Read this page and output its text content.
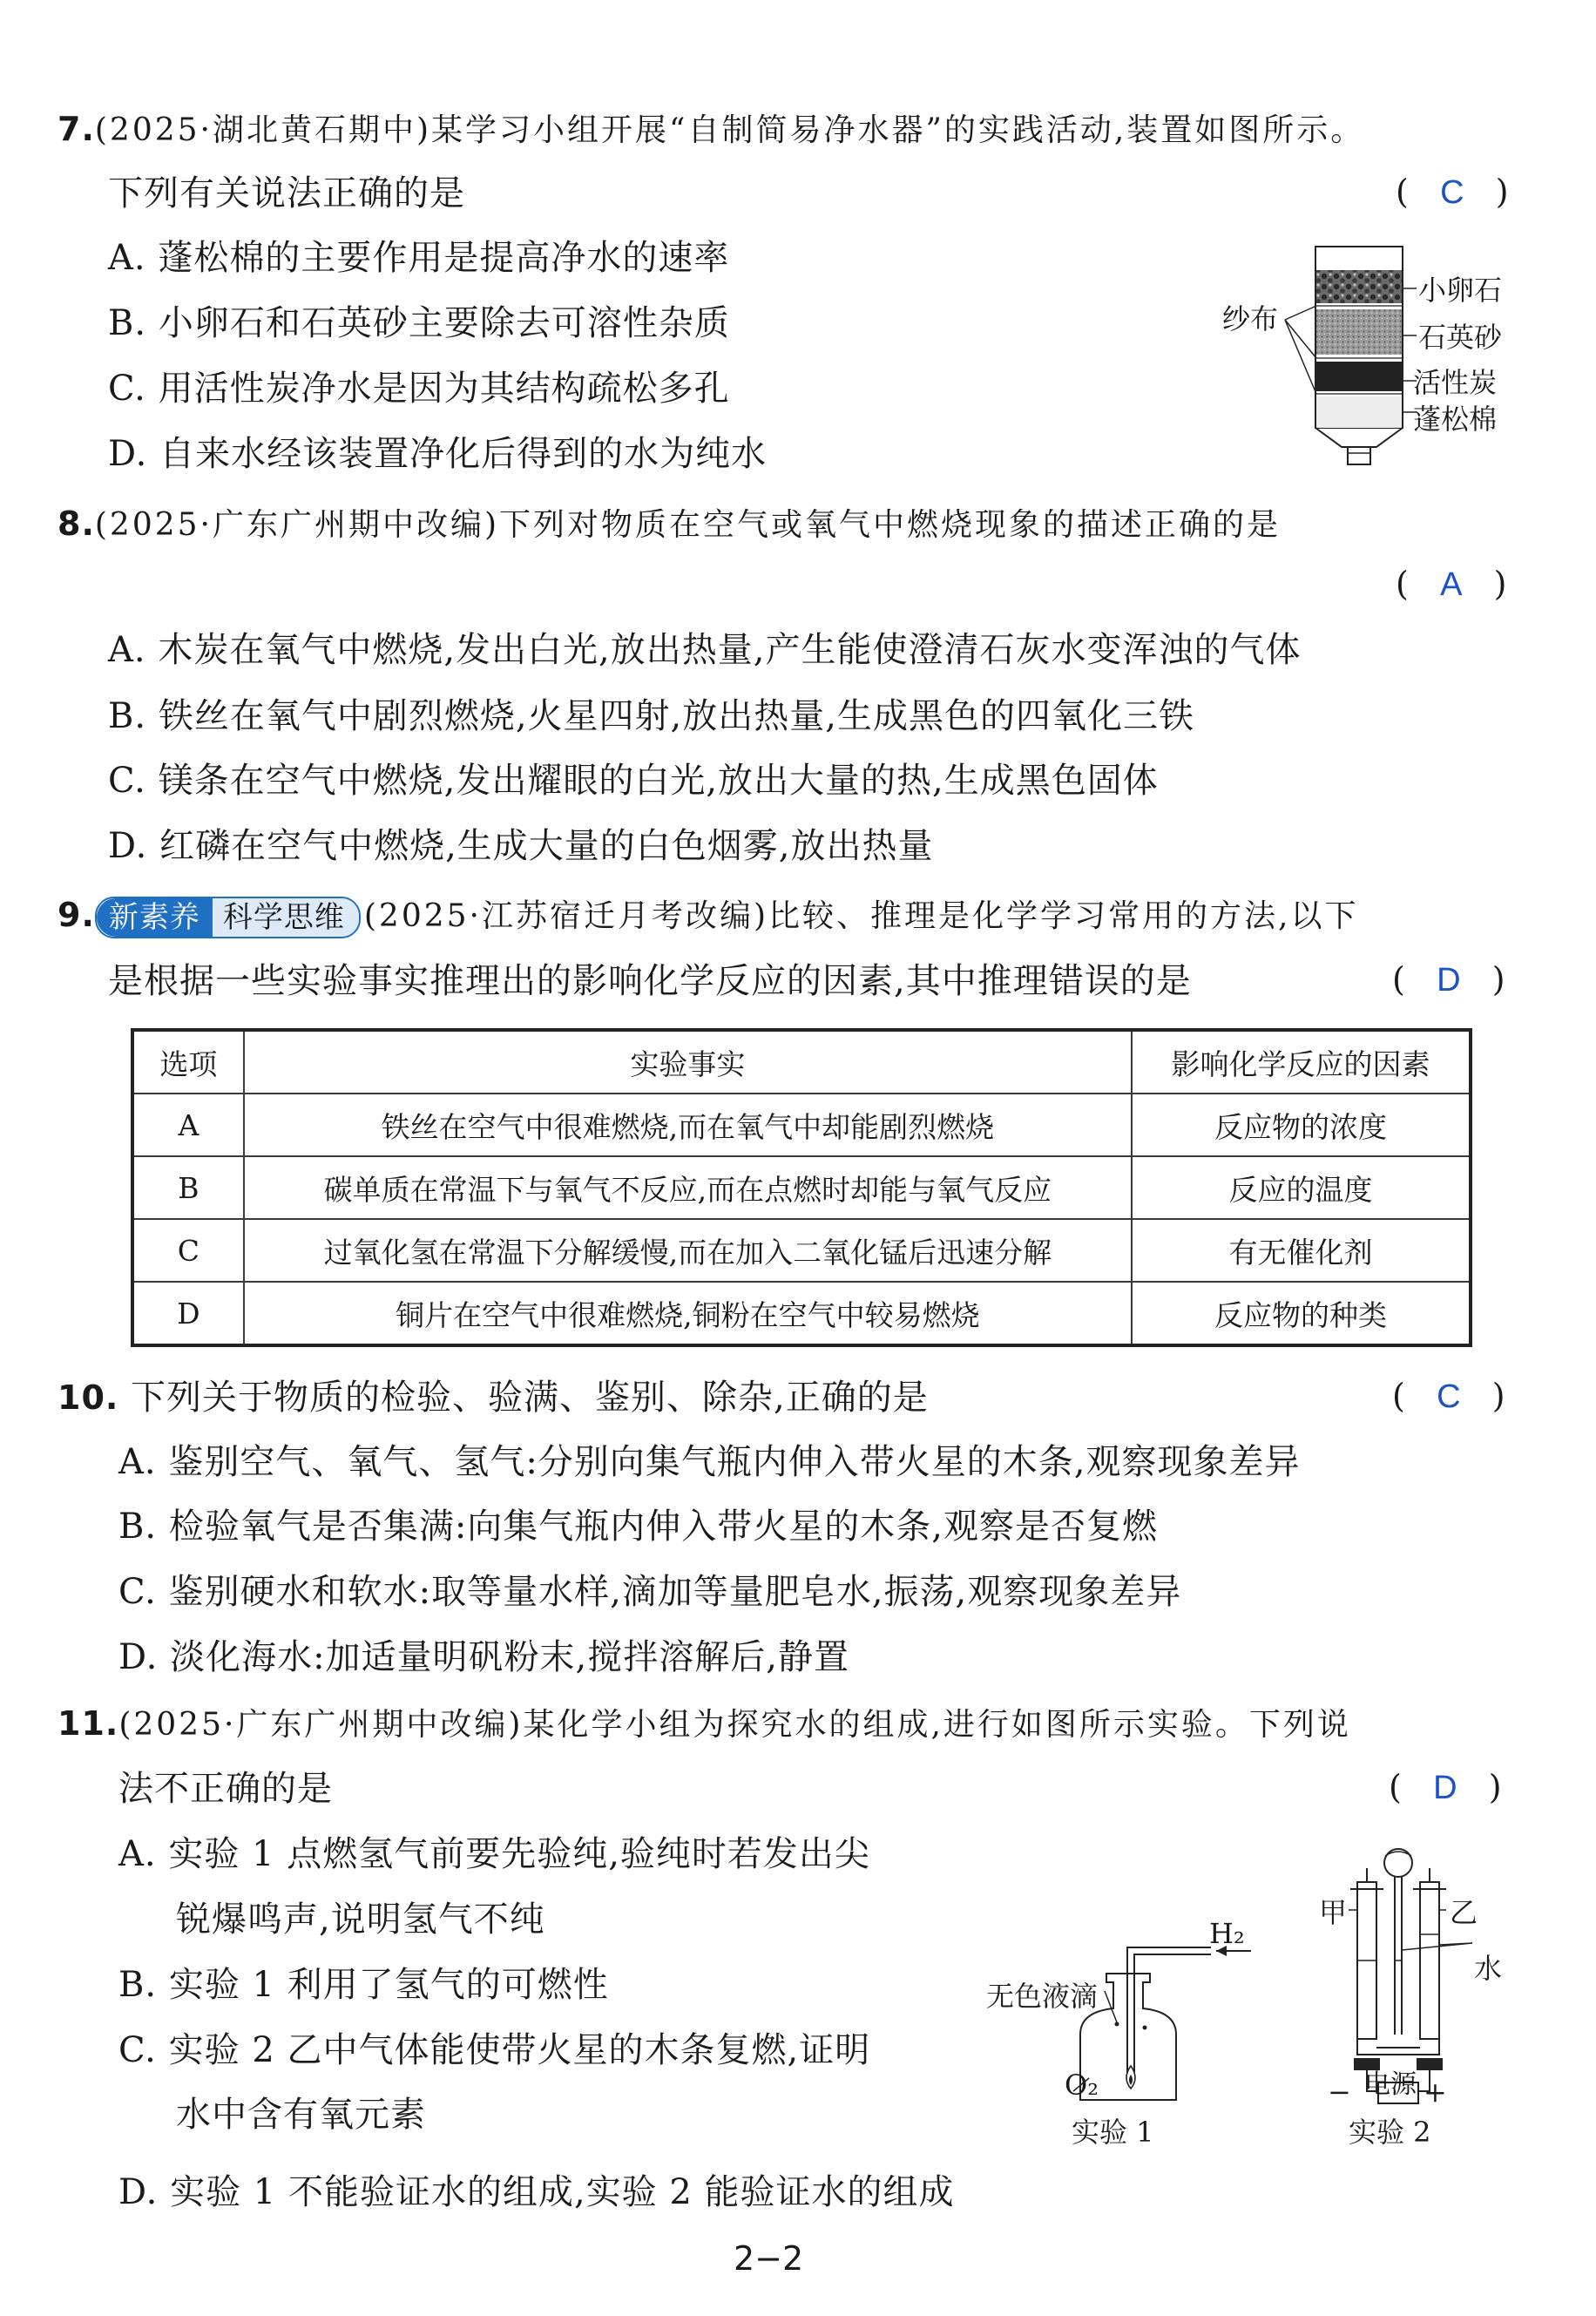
7.(2025·湖北黄石期中)某学习小组开展“自制简易净水器”的实践活动,装置如图所示。
下列有关说法正确的是	(   C   )
A. 蓬松棉的主要作用是提高净水的速率
B. 小卵石和石英砂主要除去可溶性杂质
C. 用活性炭净水是因为其结构疏松多孔
D. 自来水经该装置净化后得到的水为纯水
纱布
小卵石
石英砂
活性炭
蓬松棉
8.(2025·广东广州期中改编)下列对物质在空气或氧气中燃烧现象的描述正确的是
(   A   )
A. 木炭在氧气中燃烧,发出白光,放出热量,产生能使澄清石灰水变浑浊的气体
B. 铁丝在氧气中剧烈燃烧,火星四射,放出热量,生成黑色的四氧化三铁
C. 镁条在空气中燃烧,发出耀眼的白光,放出大量的热,生成黑色固体
D. 红磷在空气中燃烧,生成大量的白色烟雾,放出热量
9. 新素养 科学思维 (2025·江苏宿迁月考改编)比较、推理是化学学习常用的方法,以下
是根据一些实验事实推理出的影响化学反应的因素,其中推理错误的是	(   D   )
选项	实验事实	影响化学反应的因素
A	铁丝在空气中很难燃烧,而在氧气中却能剧烈燃烧	反应物的浓度
B	碳单质在常温下与氧气不反应,而在点燃时却能与氧气反应	反应的温度
C	过氧化氢在常温下分解缓慢,而在加入二氧化锰后迅速分解	有无催化剂
D	铜片在空气中很难燃烧,铜粉在空气中较易燃烧	反应物的种类
10. 下列关于物质的检验、验满、鉴别、除杂,正确的是	(   C   )
A. 鉴别空气、氧气、氢气:分别向集气瓶内伸入带火星的木条,观察现象差异
B. 检验氧气是否集满:向集气瓶内伸入带火星的木条,观察是否复燃
C. 鉴别硬水和软水:取等量水样,滴加等量肥皂水,振荡,观察现象差异
D. 淡化海水:加适量明矾粉末,搅拌溶解后,静置
11.(2025·广东广州期中改编)某化学小组为探究水的组成,进行如图所示实验。下列说
法不正确的是	(   D   )
A. 实验 1 点燃氢气前要先验纯,验纯时若发出尖
锐爆鸣声,说明氢气不纯
B. 实验 1 利用了氢气的可燃性
C. 实验 2 乙中气体能使带火星的木条复燃,证明
水中含有氧元素
D. 实验 1 不能验证水的组成,实验 2 能验证水的组成
H₂
无色液滴
O₂
实验 1
甲	乙
水
− 电源 +
实验 2
2−2
